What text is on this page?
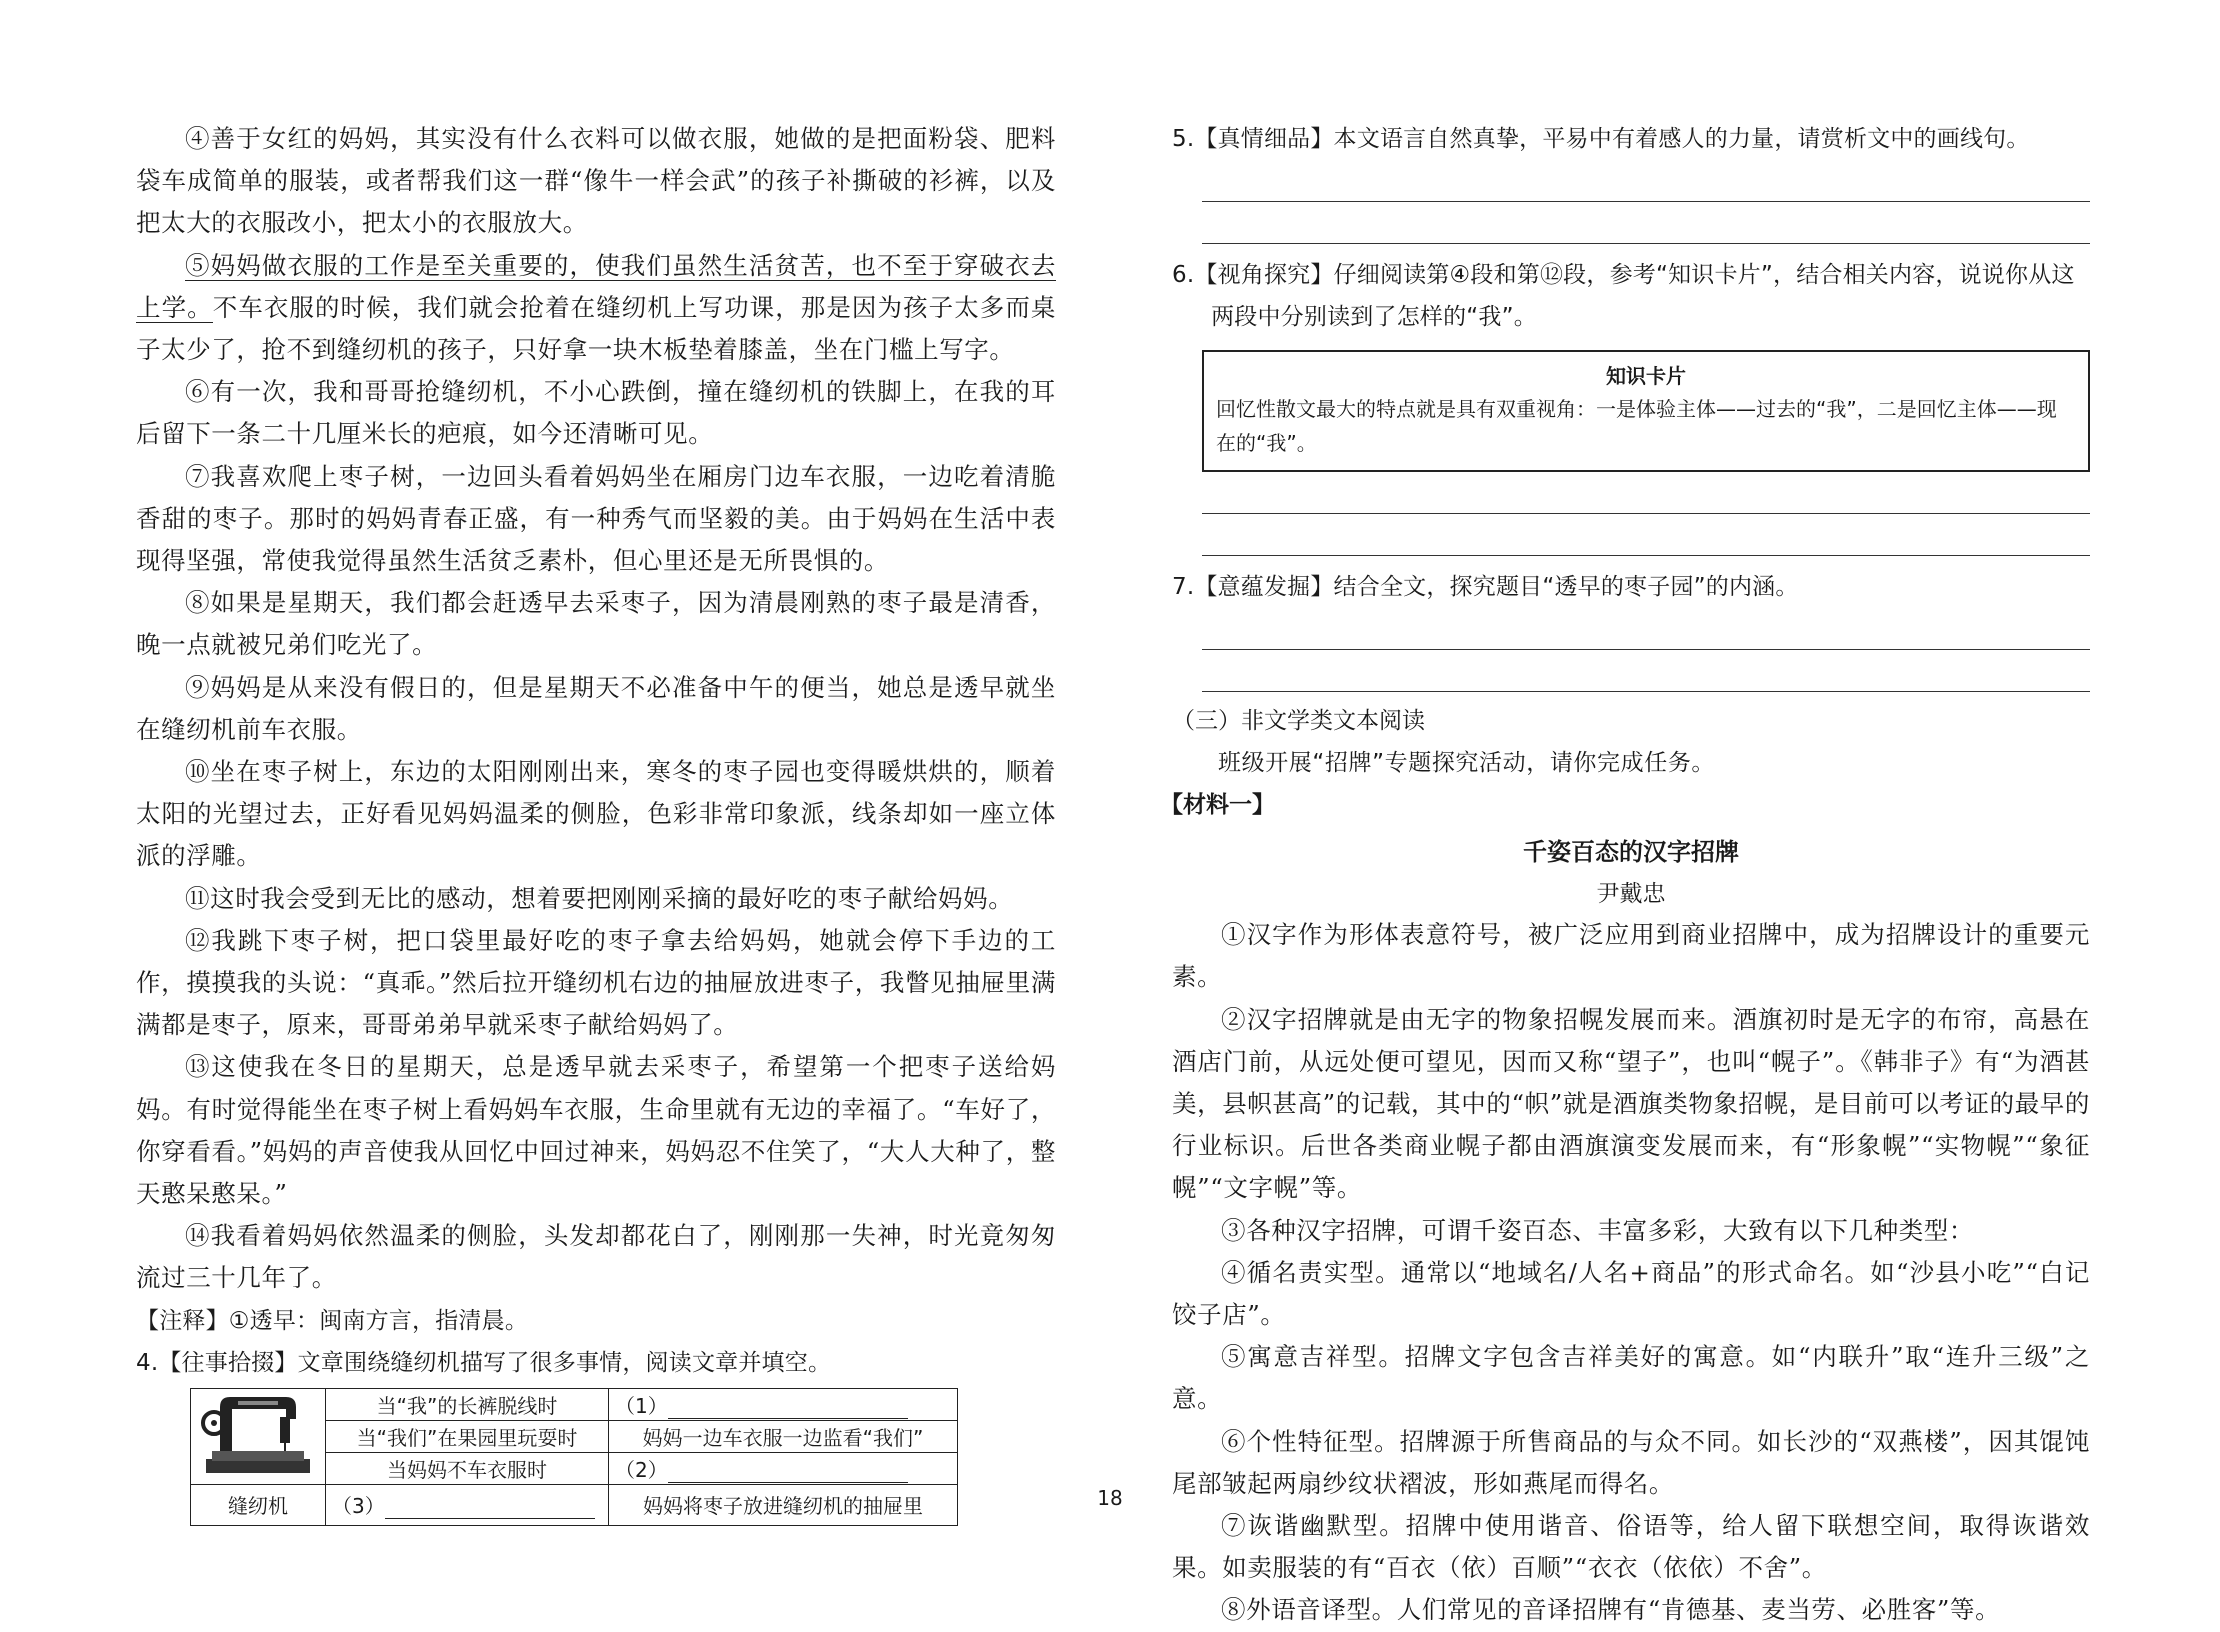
④善于女红的妈妈，其实没有什么衣料可以做衣服，她做的是把面粉袋、肥料袋车成简单的服装，或者帮我们这一群“像牛一样会武”的孩子补撕破的衫裤，以及把太大的衣服改小，把太小的衣服放大。

⑤妈妈做衣服的工作是至关重要的，使我们虽然生活贫苦，也不至于穿破衣去上学。不车衣服的时候，我们就会抢着在缝纫机上写功课，那是因为孩子太多而桌子太少了，抢不到缝纫机的孩子，只好拿一块木板垫着膝盖，坐在门槛上写字。

⑥有一次，我和哥哥抢缝纫机，不小心跌倒，撞在缝纫机的铁脚上，在我的耳后留下一条二十几厘米长的疤痕，如今还清晰可见。

⑦我喜欢爬上枣子树，一边回头看着妈妈坐在厢房门边车衣服，一边吃着清脆香甜的枣子。那时的妈妈青春正盛，有一种秀气而坚毅的美。由于妈妈在生活中表现得坚强，常使我觉得虽然生活贫乏素朴，但心里还是无所畏惧的。

⑧如果是星期天，我们都会赶透早去采枣子，因为清晨刚熟的枣子最是清香，晚一点就被兄弟们吃光了。

⑨妈妈是从来没有假日的，但是星期天不必准备中午的便当，她总是透早就坐在缝纫机前车衣服。

⑩坐在枣子树上，东边的太阳刚刚出来，寒冬的枣子园也变得暖烘烘的，顺着太阳的光望过去，正好看见妈妈温柔的侧脸，色彩非常印象派，线条却如一座立体派的浮雕。

⑪这时我会受到无比的感动，想着要把刚刚采摘的最好吃的枣子献给妈妈。

⑫我跳下枣子树，把口袋里最好吃的枣子拿去给妈妈，她就会停下手边的工作，摸摸我的头说：“真乖。”然后拉开缝纫机右边的抽屉放进枣子，我瞥见抽屉里满满都是枣子，原来，哥哥弟弟早就采枣子献给妈妈了。

⑬这使我在冬日的星期天，总是透早就去采枣子，希望第一个把枣子送给妈妈。有时觉得能坐在枣子树上看妈妈车衣服，生命里就有无边的幸福了。“车好了，你穿看看。”妈妈的声音使我从回忆中回过神来，妈妈忍不住笑了，“大人大种了，整天憨呆憨呆。”

⑭我看着妈妈依然温柔的侧脸，头发却都花白了，刚刚那一失神，时光竟匆匆流过三十几年了。

【注释】①透早：闽南方言，指清晨。

4.【往事拾掇】文章围绕缝纫机描写了很多事情，阅读文章并填空。

	当“我”的长裤脱线时	（1）
	当“我们”在果园里玩耍时	妈妈一边车衣服一边监看“我们”
	当妈妈不车衣服时	（2）
缝纫机	（3）	妈妈将枣子放进缝纫机的抽屉里

5.【真情细品】本文语言自然真挚，平易中有着感人的力量，请赏析文中的画线句。

6.【视角探究】仔细阅读第④段和第⑫段，参考“知识卡片”，结合相关内容，说说你从这两段中分别读到了怎样的“我”。

知识卡片
回忆性散文最大的特点就是具有双重视角：一是体验主体——过去的“我”，二是回忆主体——现在的“我”。

7.【意蕴发掘】结合全文，探究题目“透早的枣子园”的内涵。

（三）非文学类文本阅读

班级开展“招牌”专题探究活动，请你完成任务。

【材料一】
千姿百态的汉字招牌
尹戴忠

①汉字作为形体表意符号，被广泛应用到商业招牌中，成为招牌设计的重要元素。

②汉字招牌就是由无字的物象招幌发展而来。酒旗初时是无字的布帘，高悬在酒店门前，从远处便可望见，因而又称“望子”，也叫“幌子”。《韩非子》有“为酒甚美，县帜甚高”的记载，其中的“帜”就是酒旗类物象招幌，是目前可以考证的最早的行业标识。后世各类商业幌子都由酒旗演变发展而来，有“形象幌”“实物幌”“象征幌”“文字幌”等。

③各种汉字招牌，可谓千姿百态、丰富多彩，大致有以下几种类型：

④循名责实型。通常以“地域名/人名+商品”的形式命名。如“沙县小吃”“白记饺子店”。

⑤寓意吉祥型。招牌文字包含吉祥美好的寓意。如“内联升”取“连升三级”之意。

⑥个性特征型。招牌源于所售商品的与众不同。如长沙的“双燕楼”，因其馄饨尾部皱起两扇纱纹状褶波，形如燕尾而得名。

⑦诙谐幽默型。招牌中使用谐音、俗语等，给人留下联想空间，取得诙谐效果。如卖服装的有“百衣（依）百顺”“衣衣（依依）不舍”。

⑧外语音译型。人们常见的音译招牌有“肯德基、麦当劳、必胜客”等。

18
